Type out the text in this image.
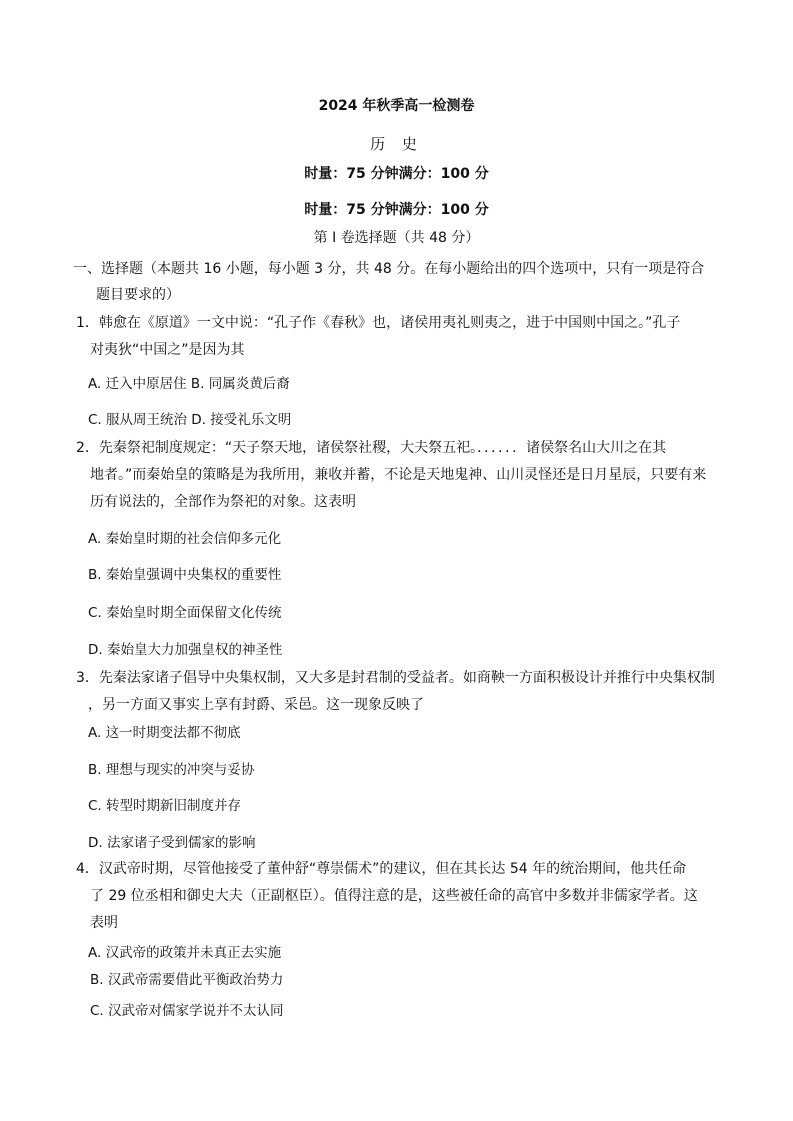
2024 年秋季高一检测卷
历 史
时量：75 分钟满分：100 分
时量：75 分钟满分：100 分
第 I 卷选择题（共 48 分）
一、选择题（本题共 16 小题，每小题 3 分，共 48 分。在每小题给出的四个选项中，只有一项是符合
题目要求的）
1．韩愈在《原道》一文中说：“孔子作《春秋》也，诸侯用夷礼则夷之，进于中国则中国之。”孔子
对夷狄“中国之”是因为其
A. 迁入中原居住 B. 同属炎黄后裔
C. 服从周王统治 D. 接受礼乐文明
2．先秦祭祀制度规定：“天子祭天地，诸侯祭社稷，大夫祭五祀。．．．．．．诸侯祭名山大川之在其
地者。”而秦始皇的策略是为我所用，兼收并蓄，不论是天地鬼神、山川灵怪还是日月星辰，只要有来
历有说法的，全部作为祭祀的对象。这表明
A. 秦始皇时期的社会信仰多元化
B. 秦始皇强调中央集权的重要性
C. 秦始皇时期全面保留文化传统
D. 秦始皇大力加强皇权的神圣性
3．先秦法家诸子倡导中央集权制，又大多是封君制的受益者。如商鞅一方面积极设计并推行中央集权制
，另一方面又事实上享有封爵、采邑。这一现象反映了
A. 这一时期变法都不彻底
B. 理想与现实的冲突与妥协
C. 转型时期新旧制度并存
D. 法家诸子受到儒家的影响
4．汉武帝时期，尽管他接受了董仲舒“尊崇儒术”的建议，但在其长达 54 年的统治期间，他共任命
了 29 位丞相和御史大夫（正副枢臣）。值得注意的是，这些被任命的高官中多数并非儒家学者。这
表明
A. 汉武帝的政策并未真正去实施
B. 汉武帝需要借此平衡政治势力
C. 汉武帝对儒家学说并不太认同
